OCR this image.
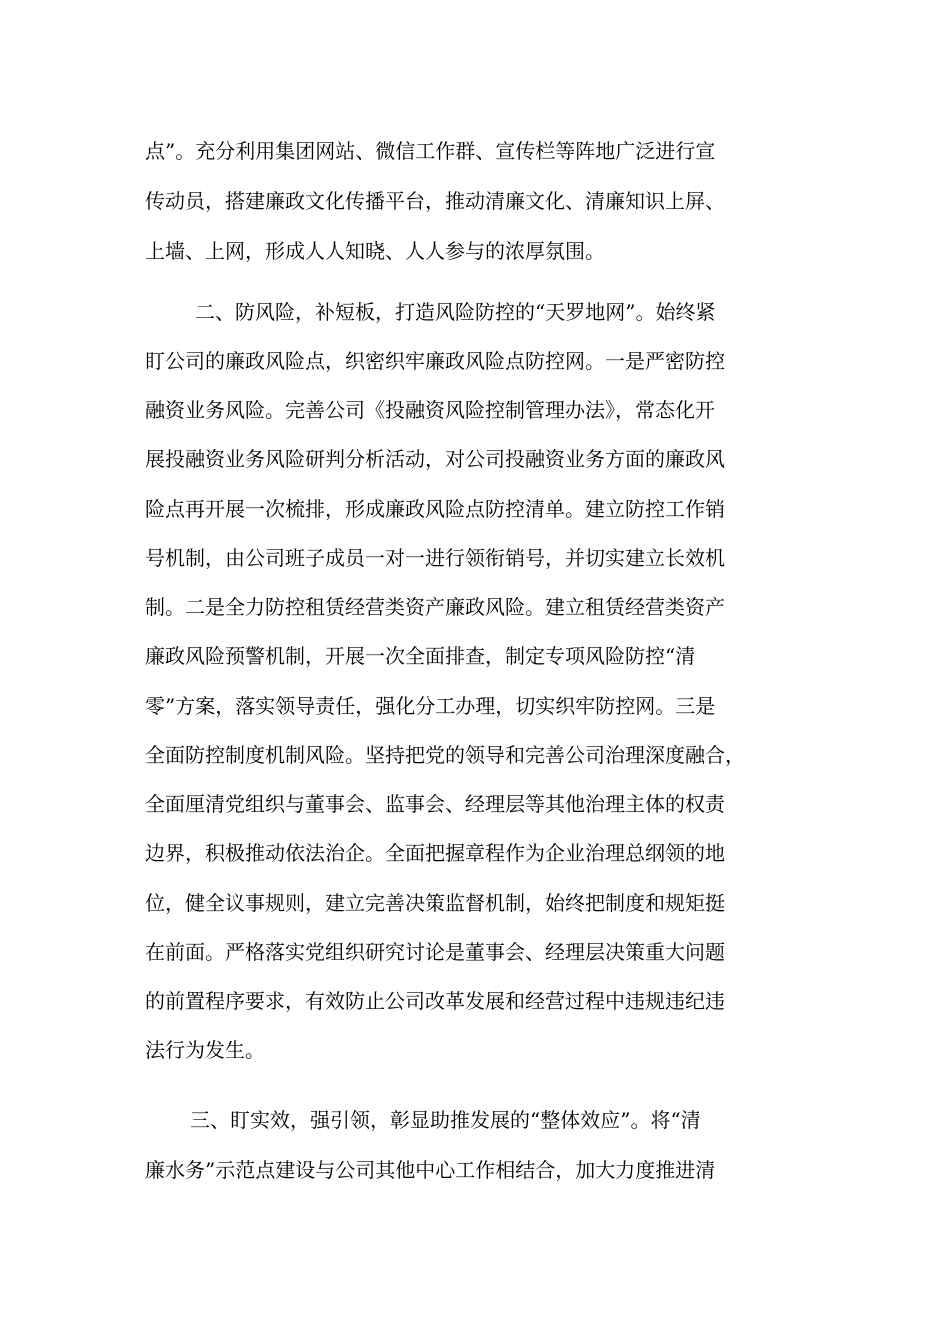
点”。充分利用集团网站、微信工作群、宣传栏等阵地广泛进行宣
传动员，搭建廉政文化传播平台，推动清廉文化、清廉知识上屏、
上墙、上网，形成人人知晓、人人参与的浓厚氛围。
二、防风险，补短板，打造风险防控的“天罗地网”。始终紧
盯公司的廉政风险点，织密织牢廉政风险点防控网。一是严密防控
融资业务风险。完善公司《投融资风险控制管理办法》，常态化开
展投融资业务风险研判分析活动，对公司投融资业务方面的廉政风
险点再开展一次梳排，形成廉政风险点防控清单。建立防控工作销
号机制，由公司班子成员一对一进行领衔销号，并切实建立长效机
制。二是全力防控租赁经营类资产廉政风险。建立租赁经营类资产
廉政风险预警机制，开展一次全面排查，制定专项风险防控“清
零”方案，落实领导责任，强化分工办理，切实织牢防控网。三是
全面防控制度机制风险。坚持把党的领导和完善公司治理深度融合，
全面厘清党组织与董事会、监事会、经理层等其他治理主体的权责
边界，积极推动依法治企。全面把握章程作为企业治理总纲领的地
位，健全议事规则，建立完善决策监督机制，始终把制度和规矩挺
在前面。严格落实党组织研究讨论是董事会、经理层决策重大问题
的前置程序要求，有效防止公司改革发展和经营过程中违规违纪违
法行为发生。
三、盯实效，强引领，彰显助推发展的“整体效应”。将“清
廉水务”示范点建设与公司其他中心工作相结合，加大力度推进清
